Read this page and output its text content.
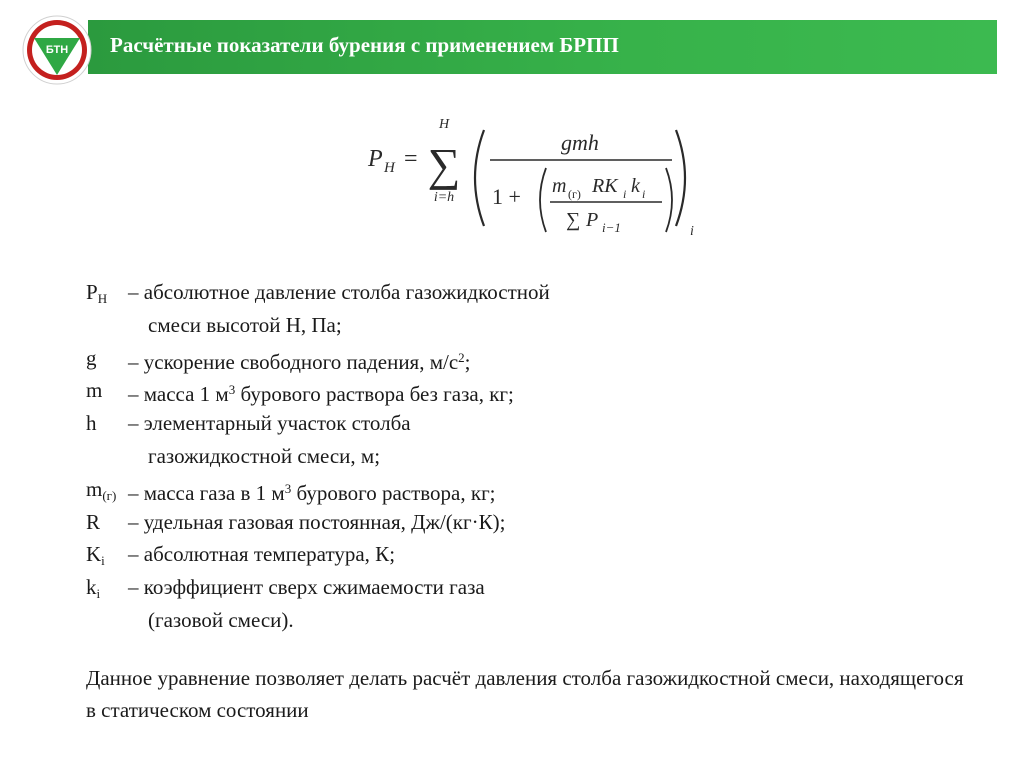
Расчётные показатели бурения с применением БРПП
БТН
P H =
H
∑
i=h
i
gmh
1 + m (г) RK i k i
∑ P i−1
$P_Н$ – абсолютное давление столба газожидкостной
смеси высотой Н, Па;
g – ускорение свободного падения, $м/с^2$;
m – масса 1 $м^3$ бурового раствора без газа, кг;
h – элементарный участок столба
газожидкостной смеси, м;
$m_{(г)}$ – масса газа в 1 $м^3$ бурового раствора, кг;
R – удельная газовая постоянная, Дж/(кг·К);
$K_i$ – абсолютная температура, К;
$k_i$ – коэффициент сверх сжимаемости газа
(газовой смеси).
Данное уравнение позволяет делать расчёт давления столба газожидкостной смеси, находящегося в статическом состоянии
